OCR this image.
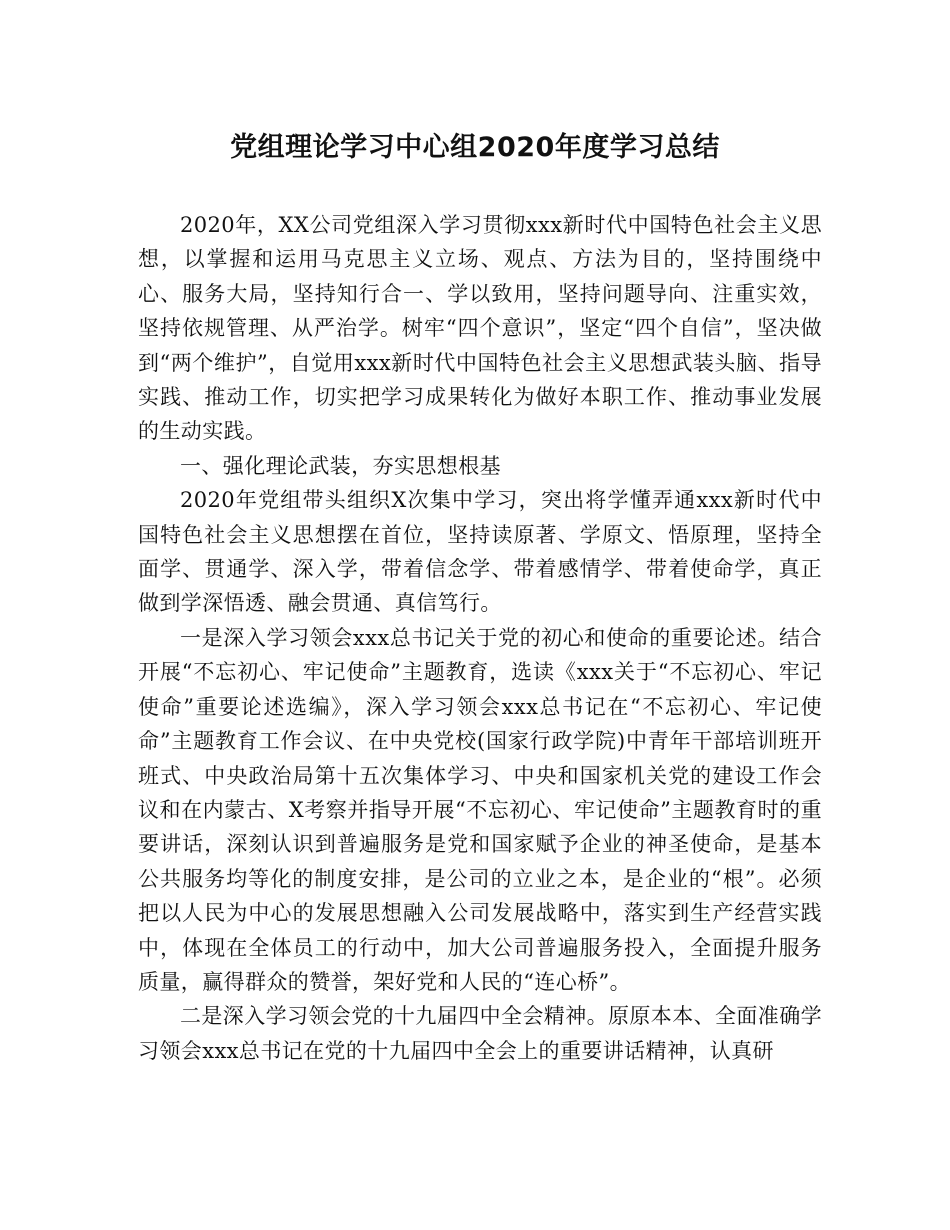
党组理论学习中心组2020年度学习总结

2020年，XX公司党组深入学习贯彻xxx新时代中国特色社会主义思想，以掌握和运用马克思主义立场、观点、方法为目的，坚持围绕中心、服务大局，坚持知行合一、学以致用，坚持问题导向、注重实效，坚持依规管理、从严治学。树牢“四个意识”，坚定“四个自信”，坚决做到“两个维护”，自觉用xxx新时代中国特色社会主义思想武装头脑、指导实践、推动工作，切实把学习成果转化为做好本职工作、推动事业发展的生动实践。

一、强化理论武装，夯实思想根基

2020年党组带头组织X次集中学习，突出将学懂弄通xxx新时代中国特色社会主义思想摆在首位，坚持读原著、学原文、悟原理，坚持全面学、贯通学、深入学，带着信念学、带着感情学、带着使命学，真正做到学深悟透、融会贯通、真信笃行。

一是深入学习领会xxx总书记关于党的初心和使命的重要论述。结合开展“不忘初心、牢记使命”主题教育，选读《xxx关于“不忘初心、牢记使命”重要论述选编》，深入学习领会xxx总书记在“不忘初心、牢记使命”主题教育工作会议、在中央党校(国家行政学院)中青年干部培训班开班式、中央政治局第十五次集体学习、中央和国家机关党的建设工作会议和在内蒙古、X考察并指导开展“不忘初心、牢记使命”主题教育时的重要讲话，深刻认识到普遍服务是党和国家赋予企业的神圣使命，是基本公共服务均等化的制度安排，是公司的立业之本，是企业的“根”。必须把以人民为中心的发展思想融入公司发展战略中，落实到生产经营实践中，体现在全体员工的行动中，加大公司普遍服务投入，全面提升服务质量，赢得群众的赞誉，架好党和人民的“连心桥”。

二是深入学习领会党的十九届四中全会精神。原原本本、全面准确学习领会xxx总书记在党的十九届四中全会上的重要讲话精神，认真研
